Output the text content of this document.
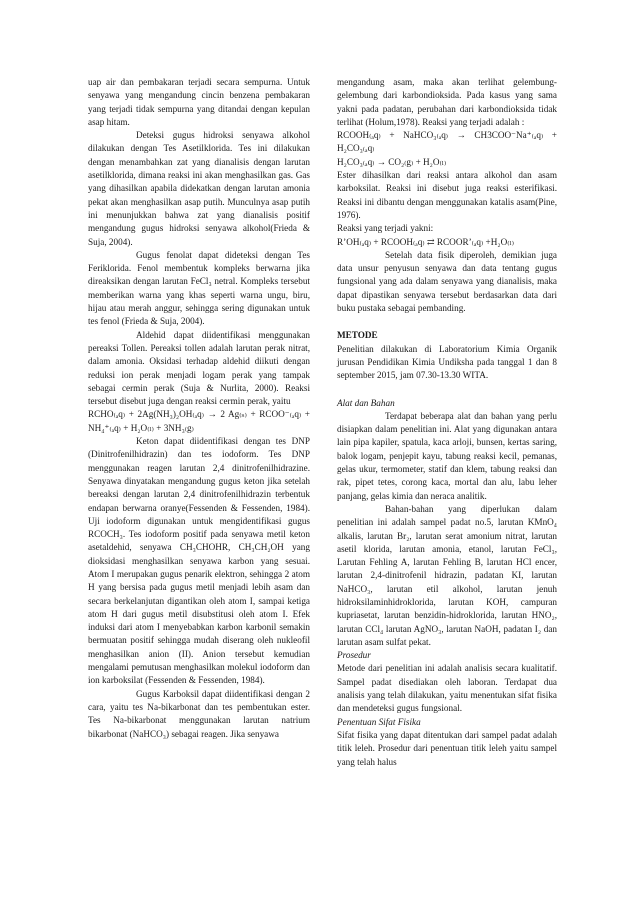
uap air dan pembakaran terjadi secara sempurna. Untuk senyawa yang mengandung cincin benzena pembakaran yang terjadi tidak sempurna yang ditandai dengan kepulan asap hitam.

Deteksi gugus hidroksi senyawa alkohol dilakukan dengan Tes Asetilklorida. Tes ini dilakukan dengan menambahkan zat yang dianalisis dengan larutan asetilklorida, dimana reaksi ini akan menghasilkan gas. Gas yang dihasilkan apabila didekatkan dengan larutan amonia pekat akan menghasilkan asap putih. Munculnya asap putih ini menunjukkan bahwa zat yang dianalisis positif mengandung gugus hidroksi senyawa alkohol(Frieda & Suja, 2004).

Gugus fenolat dapat dideteksi dengan Tes Feriklorida. Fenol membentuk kompleks berwarna jika direaksikan dengan larutan FeCl₃ netral. Kompleks tersebut memberikan warna yang khas seperti warna ungu, biru, hijau atau merah anggur, sehingga sering digunakan untuk tes fenol (Frieda & Suja, 2004).

Aldehid dapat diidentifikasi menggunakan pereaksi Tollen. Pereaksi tollen adalah larutan perak nitrat, dalam amonia. Oksidasi terhadap aldehid diikuti dengan reduksi ion perak menjadi logam perak yang tampak sebagai cermin perak (Suja & Nurlita, 2000). Reaksi tersebut disebut juga dengan reaksi cermin perak, yaitu

RCHO₍ₐq₎ + 2Ag(NH₃)₂OH₍ₐq₎ → 2 Ag₍ₛ₎ + RCOO⁻₍ₐq₎ + NH₄⁺₍ₐq₎ + H₂O₍ₗ₎ + 3NH₃₍g₎

Keton dapat diidentifikasi dengan tes DNP (Dinitrofenilhidrazin) dan tes iodoform. Tes DNP menggunakan reagen larutan 2,4 dinitrofenilhidrazine. Senyawa dinyatakan mengandung gugus keton jika setelah bereaksi dengan larutan 2,4 dinitrofenilhidrazin terbentuk endapan berwarna oranye(Fessenden & Fessenden, 1984). Uji iodoform digunakan untuk mengidentifikasi gugus RCOCH₃. Tes iodoform positif pada senyawa metil keton asetaldehid, senyawa CH₃CHOHR, CH₃CH₂OH yang dioksidasi menghasilkan senyawa karbon yang sesuai. Atom I merupakan gugus penarik elektron, sehingga 2 atom H yang bersisa pada gugus metil menjadi lebih asam dan secara berkelanjutan digantikan oleh atom I, sampai ketiga atom H dari gugus metil disubstitusi oleh atom I. Efek induksi dari atom I menyebabkan karbon karbonil semakin bermuatan positif sehingga mudah diserang oleh nukleofil menghasilkan anion (II). Anion tersebut kemudian mengalami pemutusan menghasilkan molekul iodoform dan ion karboksilat (Fessenden & Fessenden, 1984).

Gugus Karboksil dapat diidentifikasi dengan 2 cara, yaitu tes Na-bikarbonat dan tes pembentukan ester. Tes Na-bikarbonat menggunakan larutan natrium bikarbonat (NaHCO₃) sebagai reagen. Jika senyawa

mengandung asam, maka akan terlihat gelembung-gelembung dari karbondioksida. Pada kasus yang sama yakni pada padatan, perubahan dari karbondioksida tidak terlihat (Holum,1978). Reaksi yang terjadi adalah :

RCOOH₍ₐq₎ + NaHCO₃₍ₐq₎ → CH3COO⁻Na⁺₍ₐq₎ + H₂CO₃₍ₐq₎

H₂CO₃₍ₐq₎ → CO₂₍g₎ + H₂O₍ₗ₎

Ester dihasilkan dari reaksi antara alkohol dan asam karboksilat. Reaksi ini disebut juga reaksi esterifikasi. Reaksi ini dibantu dengan menggunakan katalis asam(Pine, 1976).

Reaksi yang terjadi yakni:

R’OH₍ₐq₎ + RCOOH₍ₐq₎ ⇄ RCOOR’₍ₐq₎ +H₂O₍ₗ₎

Setelah data fisik diperoleh, demikian juga data unsur penyusun senyawa dan data tentang gugus fungsional yang ada dalam senyawa yang dianalisis, maka dapat dipastikan senyawa tersebut berdasarkan data dari buku pustaka sebagai pembanding.

METODE

Penelitian dilakukan di Laboratorium Kimia Organik jurusan Pendidikan Kimia Undiksha pada tanggal 1 dan 8 september 2015, jam 07.30-13.30 WITA.

Alat dan Bahan

Terdapat beberapa alat dan bahan yang perlu disiapkan dalam penelitian ini. Alat yang digunakan antara lain pipa kapiler, spatula, kaca arloji, bunsen, kertas saring, balok logam, penjepit kayu, tabung reaksi kecil, pemanas, gelas ukur, termometer, statif dan klem, tabung reaksi dan rak, pipet tetes, corong kaca, mortal dan alu, labu leher panjang, gelas kimia dan neraca analitik.

Bahan-bahan yang diperlukan dalam penelitian ini adalah sampel padat no.5, larutan KMnO₄ alkalis, larutan Br₂, larutan serat amonium nitrat, larutan asetil klorida, larutan amonia, etanol, larutan FeCl₃, Larutan Fehling A, larutan Fehling B, larutan HCl encer, larutan 2,4-dinitrofenil hidrazin, padatan KI, larutan NaHCO₃, larutan etil alkohol, larutan jenuh hidroksilaminhidroklorida, larutan KOH, campuran kupriasetat, larutan benzidin-hidroklorida, larutan HNO₂, larutan CCl₄ larutan AgNO₃, larutan NaOH, padatan I₂ dan larutan asam sulfat pekat.

Prosedur

Metode dari penelitian ini adalah analisis secara kualitatif. Sampel padat disediakan oleh laboran. Terdapat dua analisis yang telah dilakukan, yaitu menentukan sifat fisika dan mendeteksi gugus fungsional.

Penentuan Sifat Fisika

Sifat fisika yang dapat ditentukan dari sampel padat adalah titik leleh. Prosedur dari penentuan titik leleh yaitu sampel yang telah halus
